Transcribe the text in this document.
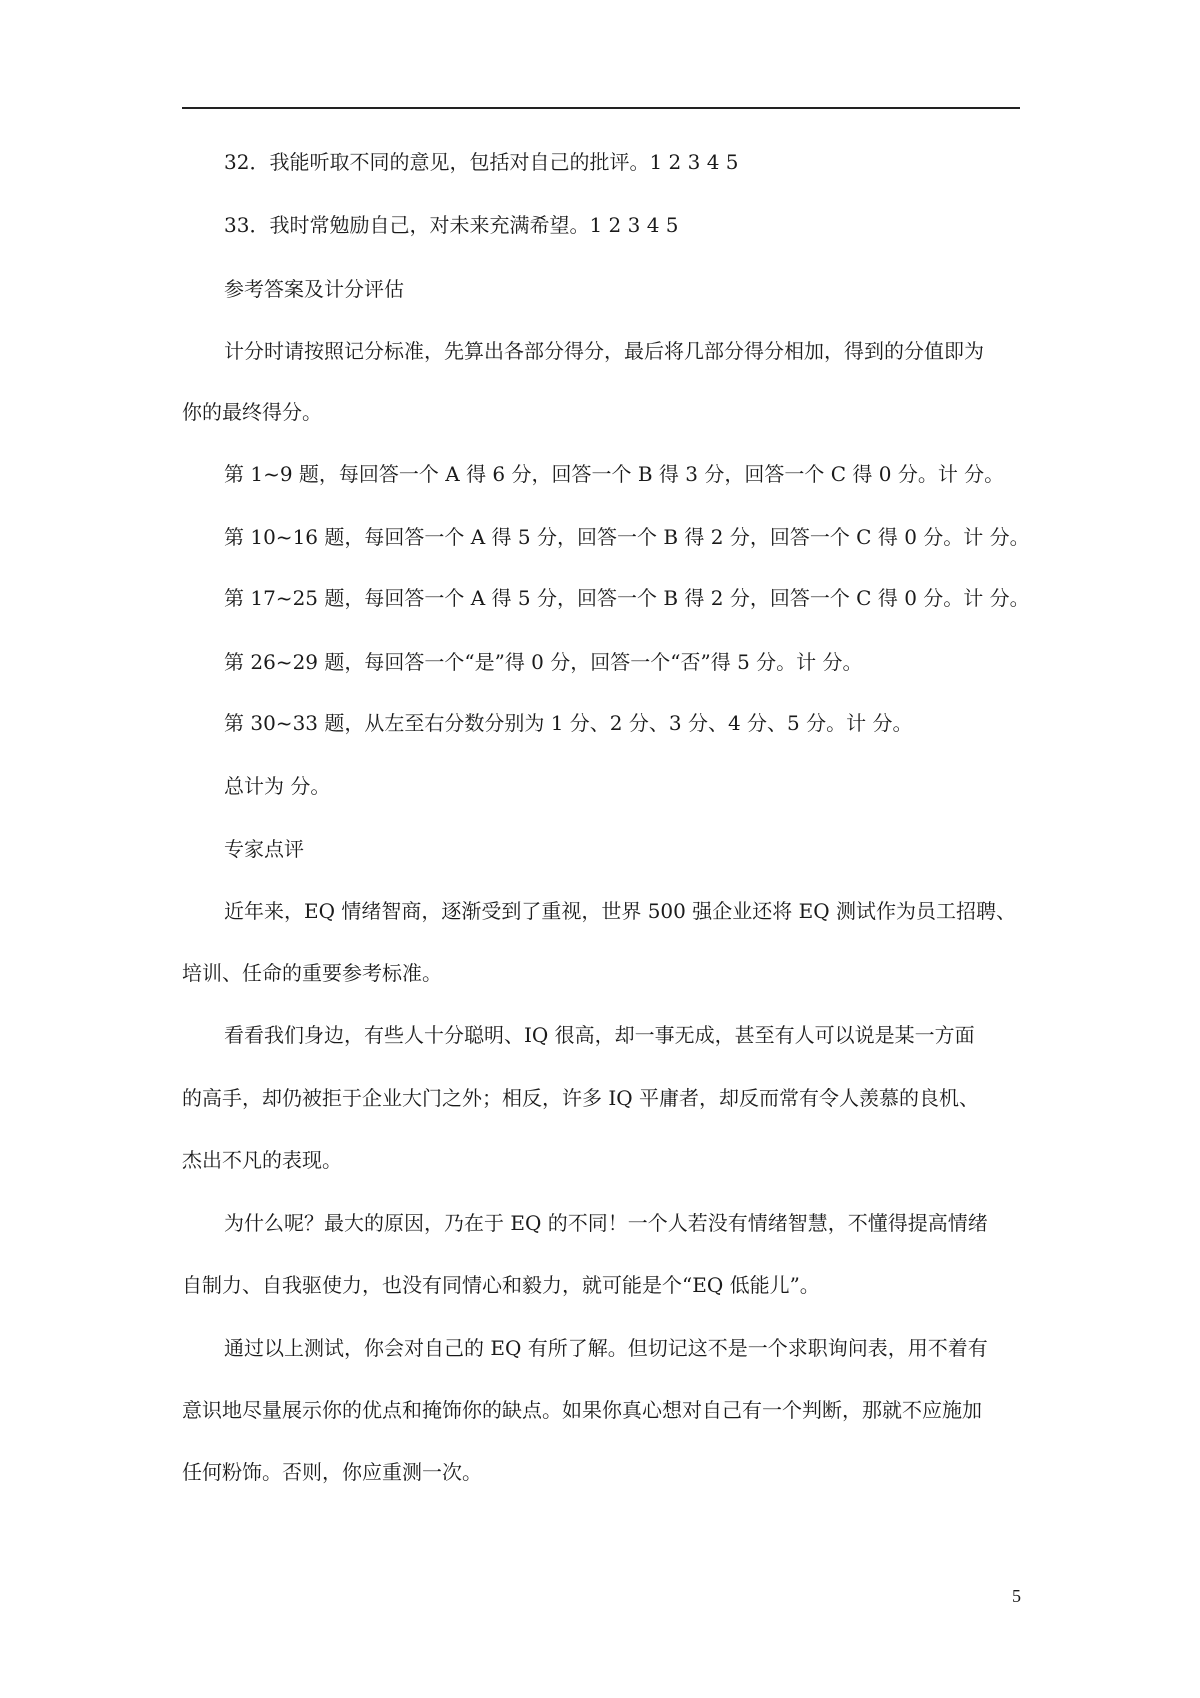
32．我能听取不同的意见，包括对自己的批评。1 2 3 4 5
33．我时常勉励自己，对未来充满希望。1 2 3 4 5
参考答案及计分评估
计分时请按照记分标准，先算出各部分得分，最后将几部分得分相加，得到的分值即为
你的最终得分。
第 1~9 题，每回答一个 A 得 6 分，回答一个 B 得 3 分，回答一个 C 得 0 分。计 分。
第 10~16 题，每回答一个 A 得 5 分，回答一个 B 得 2 分，回答一个 C 得 0 分。计 分。
第 17~25 题，每回答一个 A 得 5 分，回答一个 B 得 2 分，回答一个 C 得 0 分。计 分。
第 26~29 题，每回答一个“是”得 0 分，回答一个“否”得 5 分。计 分。
第 30~33 题，从左至右分数分别为 1 分、2 分、3 分、4 分、5 分。计 分。
总计为 分。
专家点评
近年来，EQ 情绪智商，逐渐受到了重视，世界 500 强企业还将 EQ 测试作为员工招聘、
培训、任命的重要参考标准。
看看我们身边，有些人十分聪明、IQ 很高，却一事无成，甚至有人可以说是某一方面
的高手，却仍被拒于企业大门之外；相反，许多 IQ 平庸者，却反而常有令人羡慕的良机、
杰出不凡的表现。
为什么呢？最大的原因，乃在于 EQ 的不同！一个人若没有情绪智慧，不懂得提高情绪
自制力、自我驱使力，也没有同情心和毅力，就可能是个“EQ 低能儿”。
通过以上测试，你会对自己的 EQ 有所了解。但切记这不是一个求职询问表，用不着有
意识地尽量展示你的优点和掩饰你的缺点。如果你真心想对自己有一个判断，那就不应施加
任何粉饰。否则，你应重测一次。
5
